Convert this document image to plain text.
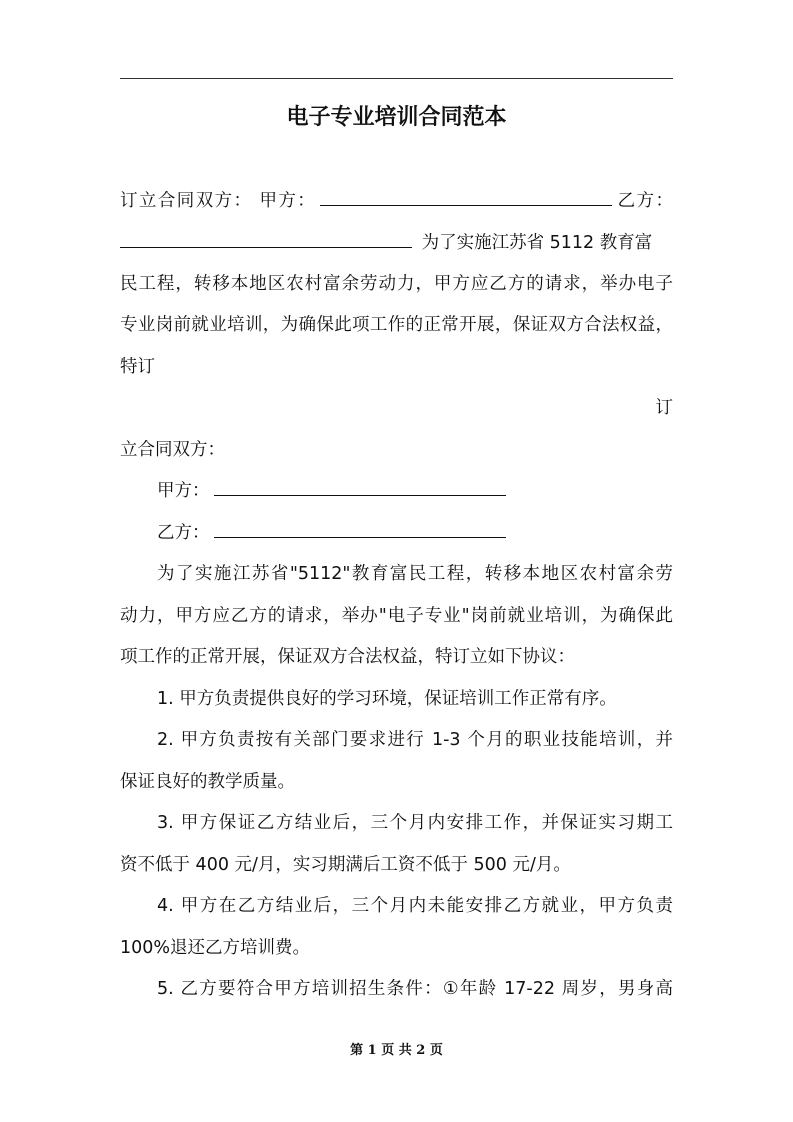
电子专业培训合同范本
订立合同双方： 甲方：	乙方：
为了实施江苏省 5112 教育富
民工程，转移本地区农村富余劳动力，甲方应乙方的请求，举办电子
专业岗前就业培训，为确保此项工作的正常开展，保证双方合法权益，
特订
订
立合同双方：
甲方：
乙方：
为了实施江苏省"5112"教育富民工程，转移本地区农村富余劳
动力，甲方应乙方的请求，举办"电子专业"岗前就业培训，为确保此
项工作的正常开展，保证双方合法权益，特订立如下协议：
1. 甲方负责提供良好的学习环境，保证培训工作正常有序。
2. 甲方负责按有关部门要求进行 1-3 个月的职业技能培训，并
保证良好的教学质量。
3. 甲方保证乙方结业后，三个月内安排工作，并保证实习期工
资不低于 400 元/月，实习期满后工资不低于 500 元/月。
4. 甲方在乙方结业后，三个月内未能安排乙方就业，甲方负责
100%退还乙方培训费。
5. 乙方要符合甲方培训招生条件：①年龄 17-22 周岁，男身高
第 1 页 共 2 页
